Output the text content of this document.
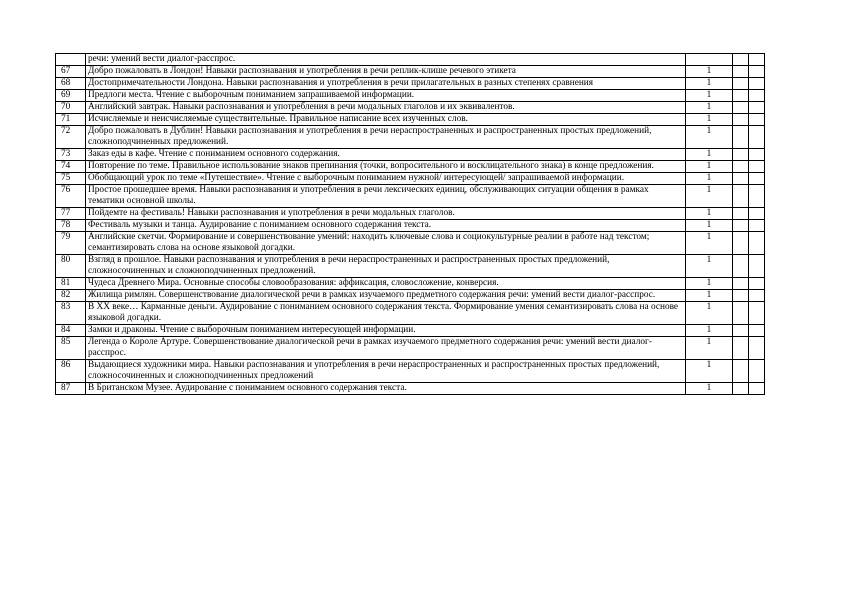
	речи: умений вести диалог-расспрос.			
67	Добро пожаловать в Лондон! Навыки распознавания и употребления в речи реплик-клише речевого этикета	1		
68	Достопримечательности Лондона. Навыки распознавания и употребления в речи прилагательных в разных степенях сравнения	1		
69	Предлоги места. Чтение с выборочным пониманием запрашиваемой информации.	1		
70	Английский завтрак. Навыки распознавания и употребления в речи модальных глаголов и их эквивалентов.	1		
71	Исчисляемые и неисчисляемые существительные. Правильное написание всех изученных слов.	1		
72	Добро пожаловать в Дублин! Навыки распознавания и употребления в речи нераспространенных и распространенных простых предложений, сложноподчиненных предложений.	1		
73	Заказ еды в кафе. Чтение с пониманием основного содержания.	1		
74	Повторение по теме. Правильное использование знаков препинания (точки, вопросительного и восклицательного знака) в конце предложения.	1		
75	Обобщающий урок по теме «Путешествие». Чтение с выборочным пониманием нужной/ интересующей/ запрашиваемой информации.	1		
76	Простое прошедшее время. Навыки распознавания и употребления в речи лексических единиц, обслуживающих ситуации общения в рамках тематики основной школы.	1		
77	Пойдемте на фестиваль! Навыки распознавания и употребления в речи модальных глаголов.	1		
78	Фестиваль музыки и танца. Аудирование с пониманием основного содержания текста.	1		
79	Английские скетчи. Формирование и совершенствование умений: находить ключевые слова и социокультурные реалии в работе над текстом; семантизировать слова на основе языковой догадки.	1		
80	Взгляд в прошлое. Навыки распознавания и употребления в речи нераспространенных и распространенных простых предложений, сложносочиненных и сложноподчиненных предложений.	1		
81	Чудеса Древнего Мира. Основные способы словообразования: аффиксация, словосложение, конверсия.	1		
82	Жилища римлян. Совершенствование диалогической речи в рамках изучаемого предметного содержания речи: умений вести диалог-расспрос.	1		
83	В XX веке… Карманные деньги. Аудирование с пониманием основного содержания текста. Формирование умения семантизировать слова на основе языковой догадки.	1		
84	Замки и драконы. Чтение с выборочным пониманием интересующей информации.	1		
85	Легенда о Короле Артуре. Совершенствование диалогической речи в рамках изучаемого предметного содержания речи: умений вести диалог-расспрос.	1		
86	Выдающиеся художники мира. Навыки распознавания и употребления в речи нераспространенных и распространенных простых предложений, сложносочиненных и сложноподчиненных предложений	1		
87	В Британском Музее. Аудирование с пониманием основного содержания текста.	1		
